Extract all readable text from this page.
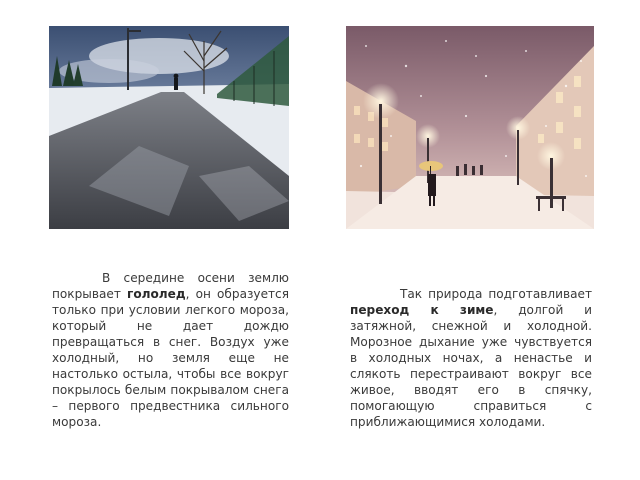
В середине осени землю покрывает гололед, он образуется только при условии легкого мороза, который не дает дождю превращаться в снег. Воздух уже холодный, но земля еще не настолько остыла, чтобы все вокруг покрылось белым покрывалом снега – первого предвестника сильного мороза.

Так природа подготавливает переход к зиме, долгой и затяжной, снежной и холодной. Морозное дыхание уже чувствуется в холодных ночах, а ненастье и слякоть перестраивают вокруг все живое, вводят его в спячку, помогающую справиться с приближающимися холодами.
